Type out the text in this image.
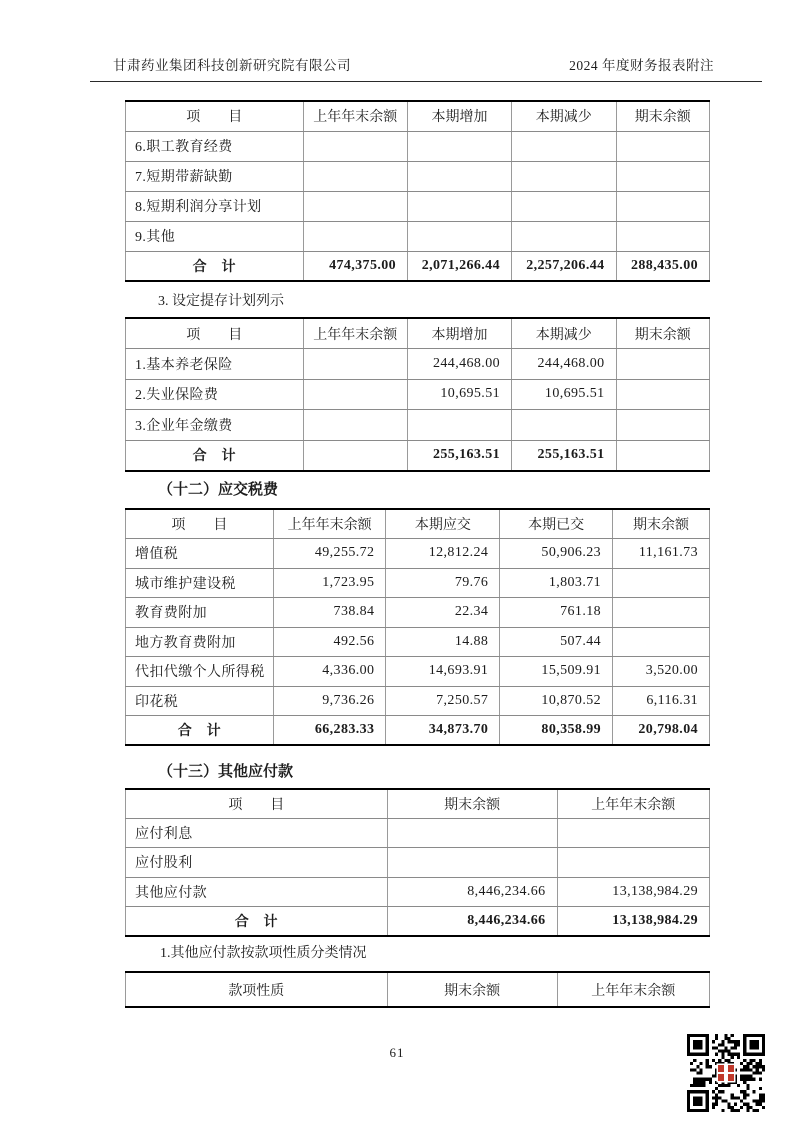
甘肃药业集团科技创新研究院有限公司	2024 年度财务报表附注
项　　目	上年年末余额	本期增加	本期减少	期末余额
6.职工教育经费				
7.短期带薪缺勤				
8.短期利润分享计划				
9.其他				
合　计	474,375.00	2,071,266.44	2,257,206.44	288,435.00
3. 设定提存计划列示
项　　目	上年年末余额	本期增加	本期减少	期末余额
1.基本养老保险		244,468.00	244,468.00	
2.失业保险费		10,695.51	10,695.51	
3.企业年金缴费				
合　计		255,163.51	255,163.51	
（十二）应交税费
项　　目	上年年末余额	本期应交	本期已交	期末余额
增值税	49,255.72	12,812.24	50,906.23	11,161.73
城市维护建设税	1,723.95	79.76	1,803.71	
教育费附加	738.84	22.34	761.18	
地方教育费附加	492.56	14.88	507.44	
代扣代缴个人所得税	4,336.00	14,693.91	15,509.91	3,520.00
印花税	9,736.26	7,250.57	10,870.52	6,116.31
合　计	66,283.33	34,873.70	80,358.99	20,798.04
（十三）其他应付款
项　　目	期末余额	上年年末余额
应付利息		
应付股利		
其他应付款	8,446,234.66	13,138,984.29
合　计	8,446,234.66	13,138,984.29
1.其他应付款按款项性质分类情况
款项性质	期末余额	上年年末余额
61
